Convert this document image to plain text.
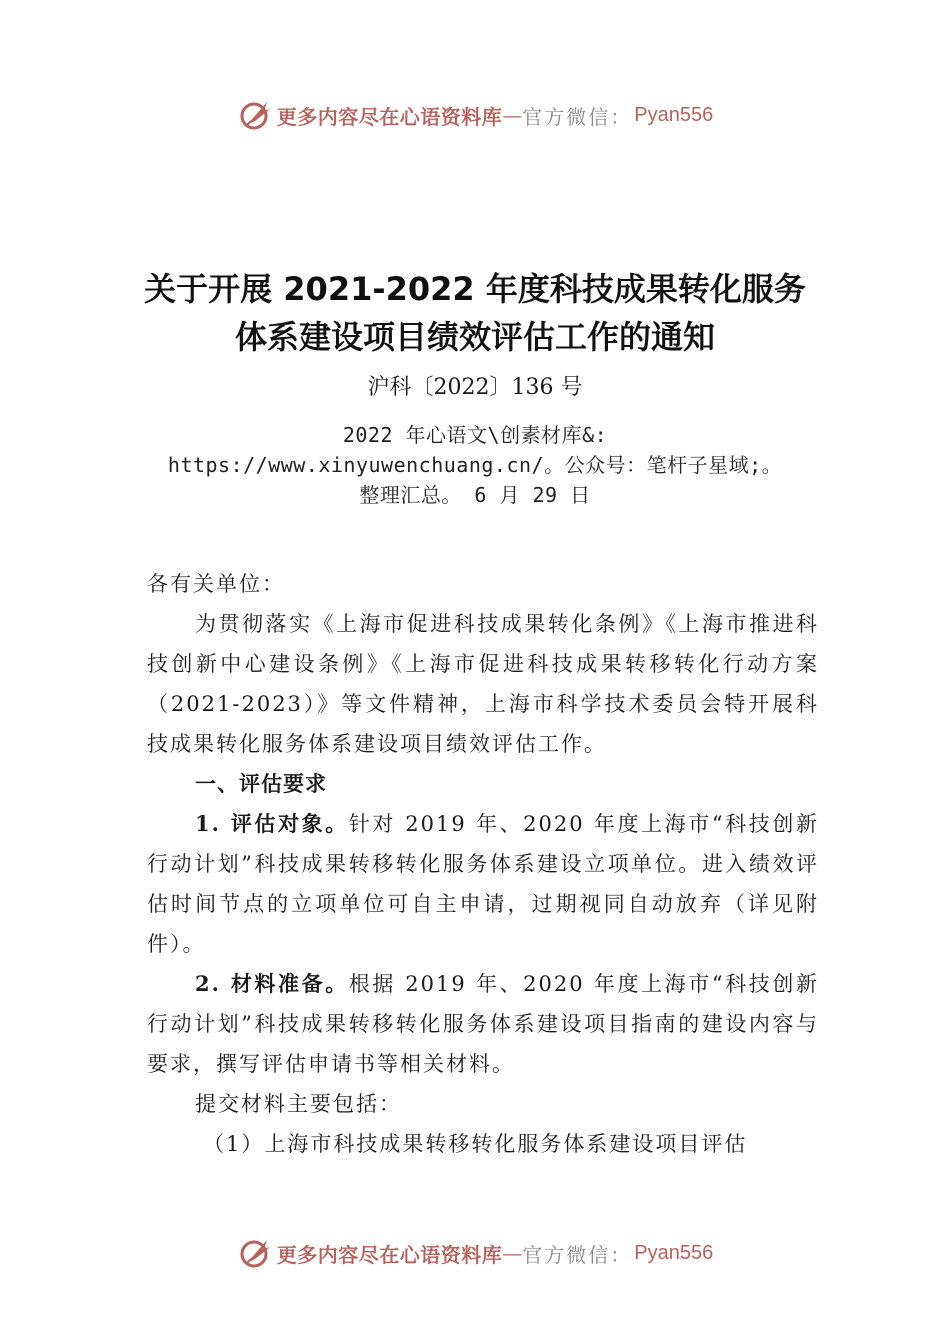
更多内容尽在心语资料库 — 官方微信： Pyan556
关于开展 2021-2022 年度科技成果转化服务
体系建设项目绩效评估工作的通知
沪科〔2022〕136 号
2022 年心语文\创素材库&:
https://www.xinyuwenchuang.cn/。公众号：笔杆子星域;。
整理汇总。 6 月 29 日

各有关单位：

为贯彻落实《上海市促进科技成果转化条例》《上海市推进科技创新中心建设条例》《上海市促进科技成果转移转化行动方案（2021-2023）》等文件精神，上海市科学技术委员会特开展科技成果转化服务体系建设项目绩效评估工作。

一、评估要求

1. 评估对象。针对 2019 年、2020 年度上海市“科技创新行动计划”科技成果转移转化服务体系建设立项单位。进入绩效评估时间节点的立项单位可自主申请，过期视同自动放弃（详见附件）。

2. 材料准备。根据 2019 年、2020 年度上海市“科技创新行动计划”科技成果转移转化服务体系建设项目指南的建设内容与要求，撰写评估申请书等相关材料。

提交材料主要包括：

（1）上海市科技成果转移转化服务体系建设项目评估

更多内容尽在心语资料库 — 官方微信： Pyan556
